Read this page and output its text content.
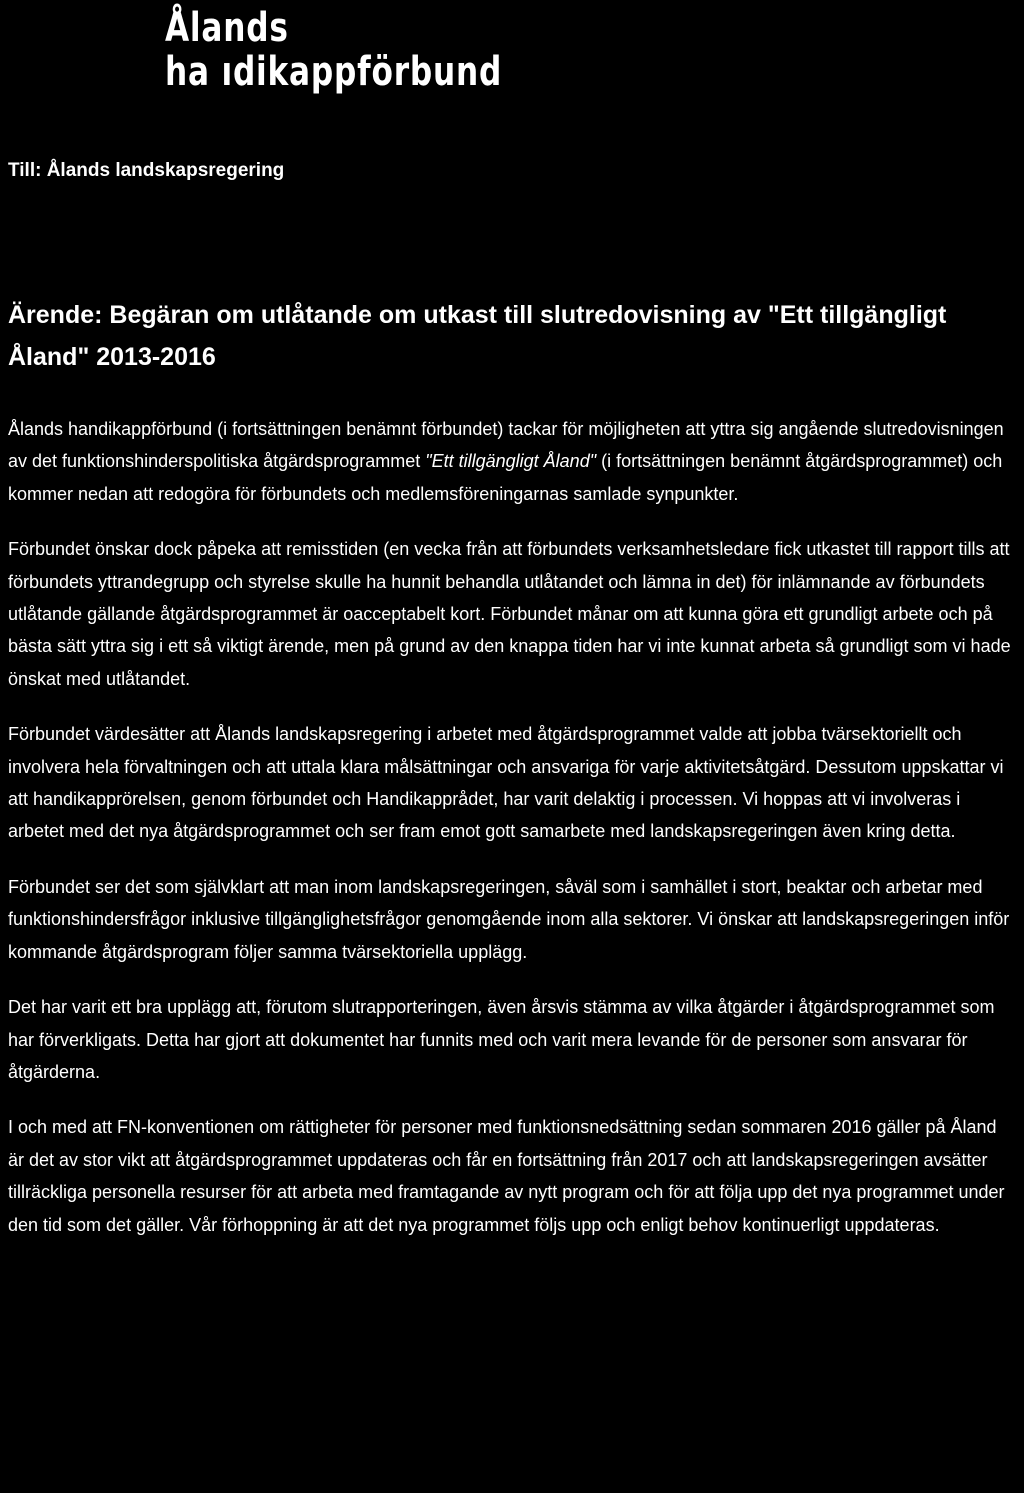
Ålands
ha ıdikappförbund
Till: Ålands landskapsregering
Ärende: Begäran om utlåtande om utkast till slutredovisning av "Ett tillgängligt Åland" 2013-2016

Ålands handikappförbund (i fortsättningen benämnt förbundet) tackar för möjligheten att yttra sig angående slutredovisningen av det funktionshinderspolitiska åtgärdsprogrammet "Ett tillgängligt Åland" (i fortsättningen benämnt åtgärdsprogrammet) och kommer nedan att redogöra för förbundets och medlemsföreningarnas samlade synpunkter.

Förbundet önskar dock påpeka att remisstiden (en vecka från att förbundets verksamhetsledare fick utkastet till rapport tills att förbundets yttrandegrupp och styrelse skulle ha hunnit behandla utlåtandet och lämna in det) för inlämnande av förbundets utlåtande gällande åtgärdsprogrammet är oacceptabelt kort. Förbundet månar om att kunna göra ett grundligt arbete och på bästa sätt yttra sig i ett så viktigt ärende, men på grund av den knappa tiden har vi inte kunnat arbeta så grundligt som vi hade önskat med utlåtandet.

Förbundet värdesätter att Ålands landskapsregering i arbetet med åtgärdsprogrammet valde att jobba tvärsektoriellt och involvera hela förvaltningen och att uttala klara målsättningar och ansvariga för varje aktivitetsåtgärd. Dessutom uppskattar vi att handikapprörelsen, genom förbundet och Handikapprådet, har varit delaktig i processen. Vi hoppas att vi involveras i arbetet med det nya åtgärdsprogrammet och ser fram emot gott samarbete med landskapsregeringen även kring detta.

Förbundet ser det som självklart att man inom landskapsregeringen, såväl som i samhället i stort, beaktar och arbetar med funktionshindersfrågor inklusive tillgänglighetsfrågor genomgående inom alla sektorer. Vi önskar att landskapsregeringen inför kommande åtgärdsprogram följer samma tvärsektoriella upplägg.

Det har varit ett bra upplägg att, förutom slutrapporteringen, även årsvis stämma av vilka åtgärder i åtgärdsprogrammet som har förverkligats. Detta har gjort att dokumentet har funnits med och varit mera levande för de personer som ansvarar för åtgärderna.

I och med att FN-konventionen om rättigheter för personer med funktionsnedsättning sedan sommaren 2016 gäller på Åland är det av stor vikt att åtgärdsprogrammet uppdateras och får en fortsättning från 2017 och att landskapsregeringen avsätter tillräckliga personella resurser för att arbeta med framtagande av nytt program och för att följa upp det nya programmet under den tid som det gäller. Vår förhoppning är att det nya programmet följs upp och enligt behov kontinuerligt uppdateras.
